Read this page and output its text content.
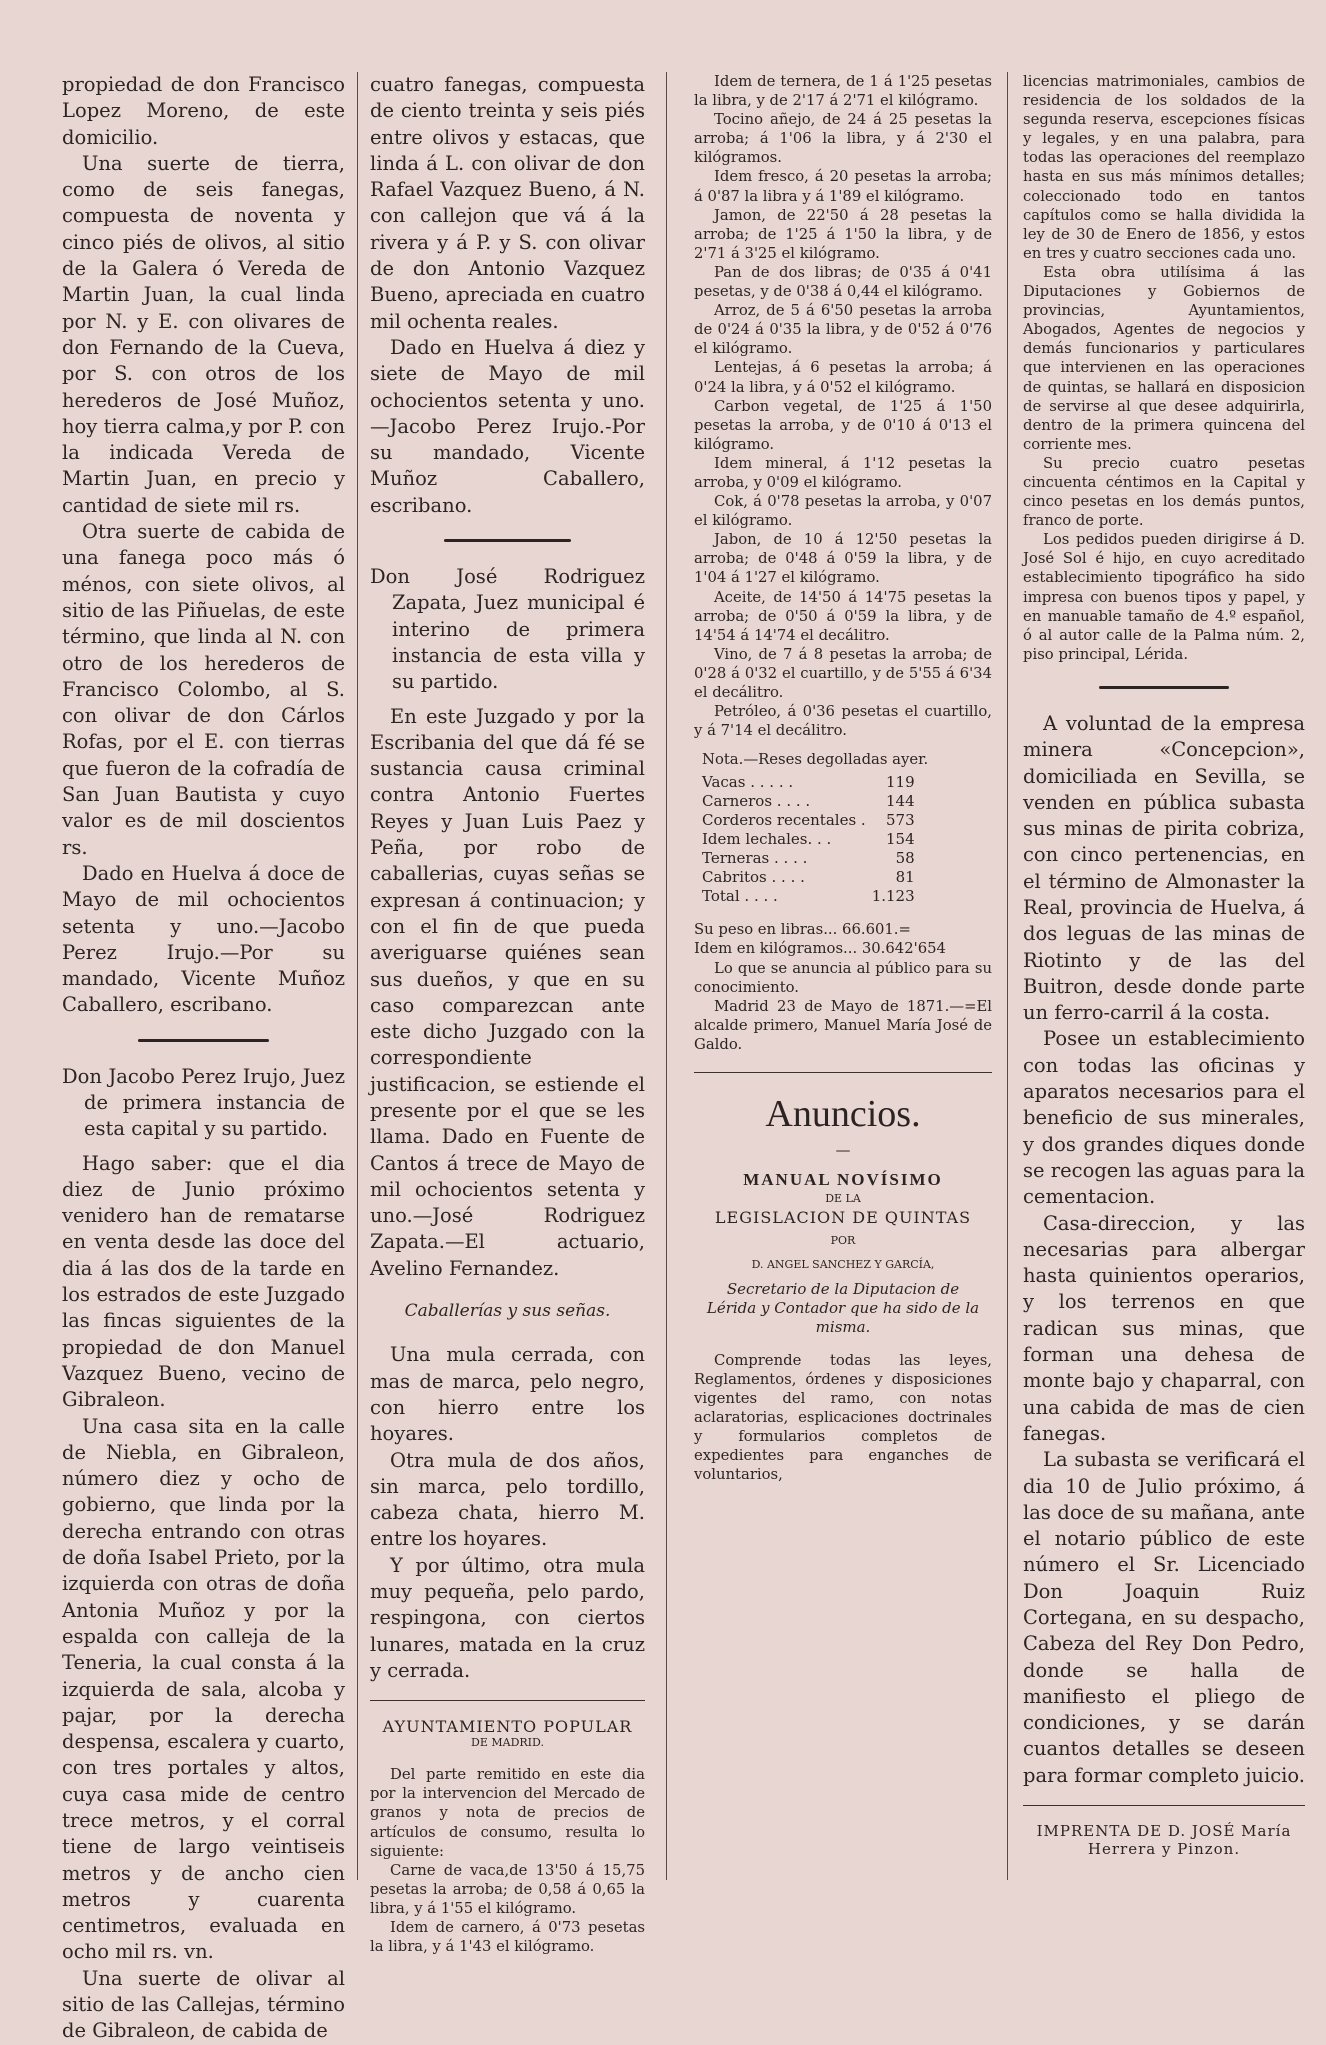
propiedad de don Francisco Lopez Moreno, de este domicilio.

Una suerte de tierra, como de seis fanegas, compuesta de noventa y cinco piés de olivos, al sitio de la Galera ó Vereda de Martin Juan, la cual linda por N. y E. con olivares de don Fernando de la Cueva, por S. con otros de los herederos de José Muñoz, hoy tierra calma,y por P. con la indicada Vereda de Martin Juan, en precio y cantidad de siete mil rs.

Otra suerte de cabida de una fanega poco más ó ménos, con siete olivos, al sitio de las Piñuelas, de este término, que linda al N. con otro de los herederos de Francisco Colombo, al S. con olivar de don Cárlos Rofas, por el E. con tierras que fueron de la cofradía de San Juan Bautista y cuyo valor es de mil doscientos rs.

Dado en Huelva á doce de Mayo de mil ochocientos setenta y uno.—Jacobo Perez Irujo.—Por su mandado, Vicente Muñoz Caballero, escribano.

Don Jacobo Perez Irujo, Juez de primera instancia de esta capital y su partido.

Hago saber: que el dia diez de Junio próximo venidero han de rematarse en venta desde las doce del dia á las dos de la tarde en los estrados de este Juzgado las fincas siguientes de la propiedad de don Manuel Vazquez Bueno, vecino de Gibraleon.

Una casa sita en la calle de Niebla, en Gibraleon, número diez y ocho de gobierno, que linda por la derecha entrando con otras de doña Isabel Prieto, por la izquierda con otras de doña Antonia Muñoz y por la espalda con calleja de la Teneria, la cual consta á la izquierda de sala, alcoba y pajar, por la derecha despensa, escalera y cuarto, con tres portales y altos, cuya casa mide de centro trece metros, y el corral tiene de largo veintiseis metros y de ancho cien metros y cuarenta centimetros, evaluada en ocho mil rs. vn.

Una suerte de olivar al sitio de las Callejas, término de Gibraleon, de cabida de

cuatro fanegas, compuesta de ciento treinta y seis piés entre olivos y estacas, que linda á L. con olivar de don Rafael Vazquez Bueno, á N. con callejon que vá á la rivera y á P. y S. con olivar de don Antonio Vazquez Bueno, apreciada en cuatro mil ochenta reales.

Dado en Huelva á diez y siete de Mayo de mil ochocientos setenta y uno.—Jacobo Perez Irujo.-Por su mandado, Vicente Muñoz Caballero, escribano.

Don José Rodriguez Zapata, Juez municipal é interino de primera instancia de esta villa y su partido.

En este Juzgado y por la Escribania del que dá fé se sustancia causa criminal contra Antonio Fuertes Reyes y Juan Luis Paez y Peña, por robo de caballerias, cuyas señas se expresan á continuacion; y con el fin de que pueda averiguarse quiénes sean sus dueños, y que en su caso comparezcan ante este dicho Juzgado con la correspondiente justificacion, se estiende el presente por el que se les llama. Dado en Fuente de Cantos á trece de Mayo de mil ochocientos setenta y uno.—José Rodriguez Zapata.—El actuario, Avelino Fernandez.

Caballerías y sus señas.

Una mula cerrada, con mas de marca, pelo negro, con hierro entre los hoyares.

Otra mula de dos años, sin marca, pelo tordillo, cabeza chata, hierro M. entre los hoyares.

Y por último, otra mula muy pequeña, pelo pardo, respingona, con ciertos lunares, matada en la cruz y cerrada.

AYUNTAMIENTO POPULAR

DE MADRID.

Del parte remitido en este dia por la intervencion del Mercado de granos y nota de precios de artículos de consumo, resulta lo siguiente:

Carne de vaca,de 13'50 á 15,75 pesetas la arroba; de 0,58 á 0,65 la libra, y á 1'55 el kilógramo.

Idem de carnero, á 0'73 pesetas la libra, y á 1'43 el kilógramo.

Idem de ternera, de 1 á 1'25 pesetas la libra, y de 2'17 á 2'71 el kilógramo.

Tocino añejo, de 24 á 25 pesetas la arroba; á 1'06 la libra, y á 2'30 el kilógramos.

Idem fresco, á 20 pesetas la arroba; á 0'87 la libra y á 1'89 el kilógramo.

Jamon, de 22'50 á 28 pesetas la arroba; de 1'25 á 1'50 la libra, y de 2'71 á 3'25 el kilógramo.

Pan de dos libras; de 0'35 á 0'41 pesetas, y de 0'38 á 0,44 el kilógramo.

Arroz, de 5 á 6'50 pesetas la arroba de 0'24 á 0'35 la libra, y de 0'52 á 0'76 el kilógramo.

Lentejas, á 6 pesetas la arroba; á 0'24 la libra, y á 0'52 el kilógramo.

Carbon vegetal, de 1'25 á 1'50 pesetas la arroba, y de 0'10 á 0'13 el kilógramo.

Idem mineral, á 1'12 pesetas la arroba, y 0'09 el kilógramo.

Cok, á 0'78 pesetas la arroba, y 0'07 el kilógramo.

Jabon, de 10 á 12'50 pesetas la arroba; de 0'48 á 0'59 la libra, y de 1'04 á 1'27 el kilógramo.

Aceite, de 14'50 á 14'75 pesetas la arroba; de 0'50 á 0'59 la libra, y de 14'54 á 14'74 el decálitro.

Vino, de 7 á 8 pesetas la arroba; de 0'28 á 0'32 el cuartillo, y de 5'55 á 6'34 el decálitro.

Petróleo, á 0'36 pesetas el cuartillo, y á 7'14 el decálitro.

Nota.—Reses degolladas ayer.

Vacas . . . . .	119
Carneros . . . .	144
Corderos recentales .	573
Idem lechales. . .	154
Terneras . . . .	58
Cabritos . . . .	81
Total . . . .	1.123

Su peso en libras... 66.601.=

Idem en kilógramos... 30.642'654

Lo que se anuncia al público para su conocimiento.

Madrid 23 de Mayo de 1871.—=El alcalde primero, Manuel María José de Galdo.

Anuncios.

—

MANUAL NOVÍSIMO

DE LA

LEGISLACION DE QUINTAS

POR

D. ANGEL SANCHEZ Y GARCÍA,

Secretario de la Diputacion de Lérida y Contador que ha sido de la misma.

Comprende todas las leyes, Reglamentos, órdenes y disposiciones vigentes del ramo, con notas aclaratorias, esplicaciones doctrinales y formularios completos de expedientes para enganches de voluntarios,

licencias matrimoniales, cambios de residencia de los soldados de la segunda reserva, escepciones físicas y legales, y en una palabra, para todas las operaciones del reemplazo hasta en sus más mínimos detalles; coleccionado todo en tantos capítulos como se halla dividida la ley de 30 de Enero de 1856, y estos en tres y cuatro secciones cada uno.

Esta obra utilísima á las Diputaciones y Gobiernos de provincias, Ayuntamientos, Abogados, Agentes de negocios y demás funcionarios y particulares que intervienen en las operaciones de quintas, se hallará en disposicion de servirse al que desee adquirirla, dentro de la primera quincena del corriente mes.

Su precio cuatro pesetas cincuenta céntimos en la Capital y cinco pesetas en los demás puntos, franco de porte.

Los pedidos pueden dirigirse á D. José Sol é hijo, en cuyo acreditado establecimiento tipográfico ha sido impresa con buenos tipos y papel, y en manuable tamaño de 4.º español, ó al autor calle de la Palma núm. 2, piso principal, Lérida.

A voluntad de la empresa minera «Concepcion», domiciliada en Sevilla, se venden en pública subasta sus minas de pirita cobriza, con cinco pertenencias, en el término de Almonaster la Real, provincia de Huelva, á dos leguas de las minas de Riotinto y de las del Buitron, desde donde parte un ferro-carril á la costa.

Posee un establecimiento con todas las oficinas y aparatos necesarios para el beneficio de sus minerales, y dos grandes diques donde se recogen las aguas para la cementacion.

Casa-direccion, y las necesarias para albergar hasta quinientos operarios, y los terrenos en que radican sus minas, que forman una dehesa de monte bajo y chaparral, con una cabida de mas de cien fanegas.

La subasta se verificará el dia 10 de Julio próximo, á las doce de su mañana, ante el notario público de este número el Sr. Licenciado Don Joaquin Ruiz Cortegana, en su despacho, Cabeza del Rey Don Pedro, donde se halla de manifiesto el pliego de condiciones, y se darán cuantos detalles se deseen para formar completo juicio.

IMPRENTA DE D. JOSÉ María Herrera y Pinzon.
